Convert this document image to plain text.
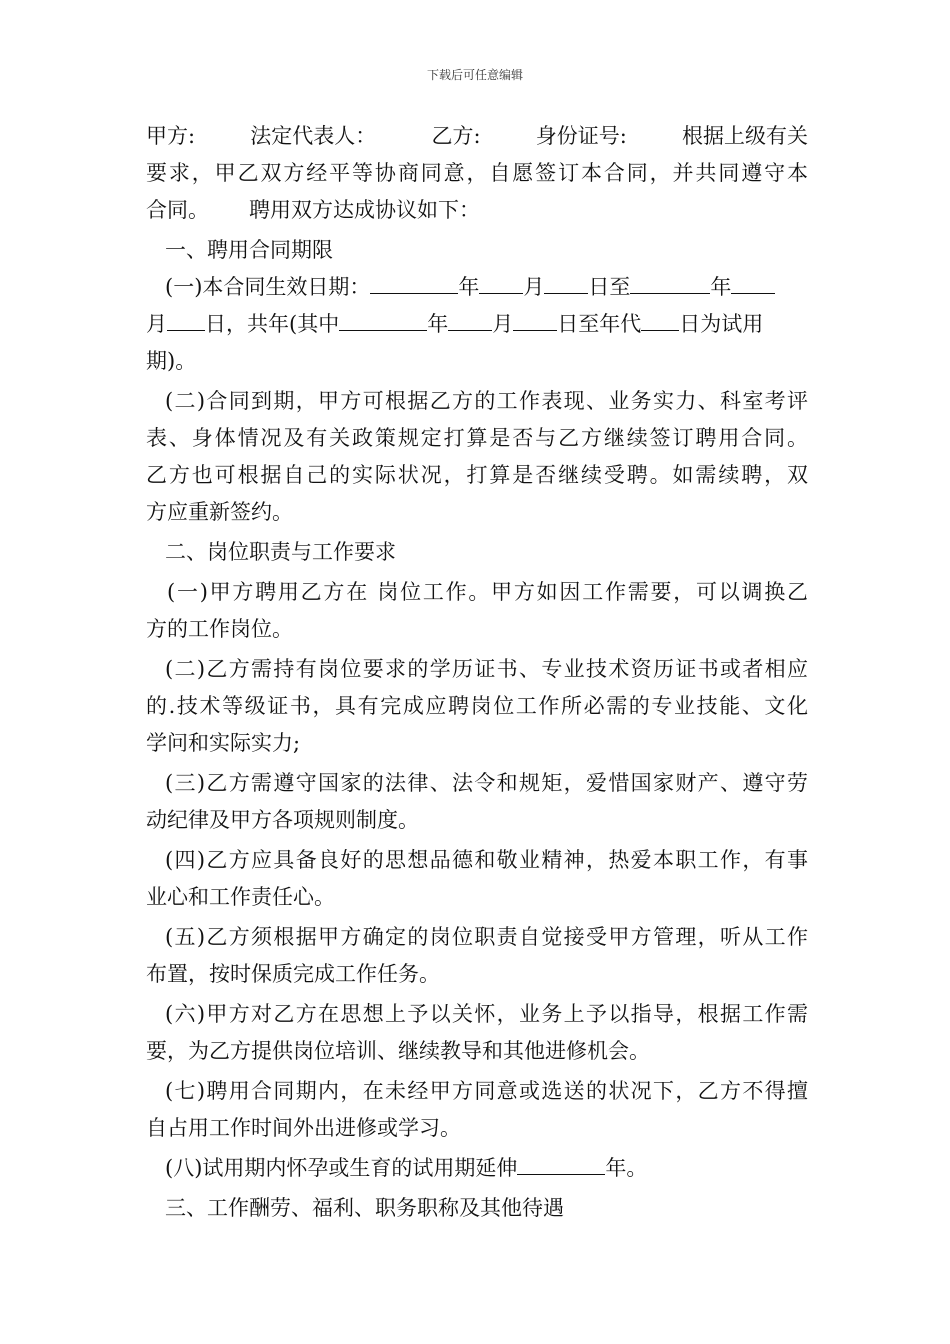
下载后可任意编辑
甲方:	法定代表人：	乙方:	身份证号:	根据上级有关
要求，甲乙双方经平等协商同意，自愿签订本合同，并共同遵守本
合同。 聘用双方达成协议如下：
一、聘用合同期限
(一)本合同生效日期：	年 月 日至	年
月 日，共年(其中	年 月 日至年代 日为试用
期)。
(二)合同到期，甲方可根据乙方的工作表现、业务实力、科室考评
表、身体情况及有关政策规定打算是否与乙方继续签订聘用合同。
乙方也可根据自己的实际状况，打算是否继续受聘。如需续聘，双
方应重新签约。
二、岗位职责与工作要求
(一)甲方聘用乙方在 岗位工作。甲方如因工作需要，可以调换乙
方的工作岗位。
(二)乙方需持有岗位要求的学历证书、专业技术资历证书或者相应
的.技术等级证书，具有完成应聘岗位工作所必需的专业技能、文化
学问和实际实力;
(三)乙方需遵守国家的法律、法令和规矩，爱惜国家财产、遵守劳
动纪律及甲方各项规则制度。
(四)乙方应具备良好的思想品德和敬业精神，热爱本职工作，有事
业心和工作责任心。
(五)乙方须根据甲方确定的岗位职责自觉接受甲方管理，听从工作
布置，按时保质完成工作任务。
(六)甲方对乙方在思想上予以关怀，业务上予以指导，根据工作需
要，为乙方提供岗位培训、继续教导和其他进修机会。
(七)聘用合同期内，在未经甲方同意或选送的状况下，乙方不得擅
自占用工作时间外出进修或学习。
(八)试用期内怀孕或生育的试用期延伸	年。
三、工作酬劳、福利、职务职称及其他待遇
